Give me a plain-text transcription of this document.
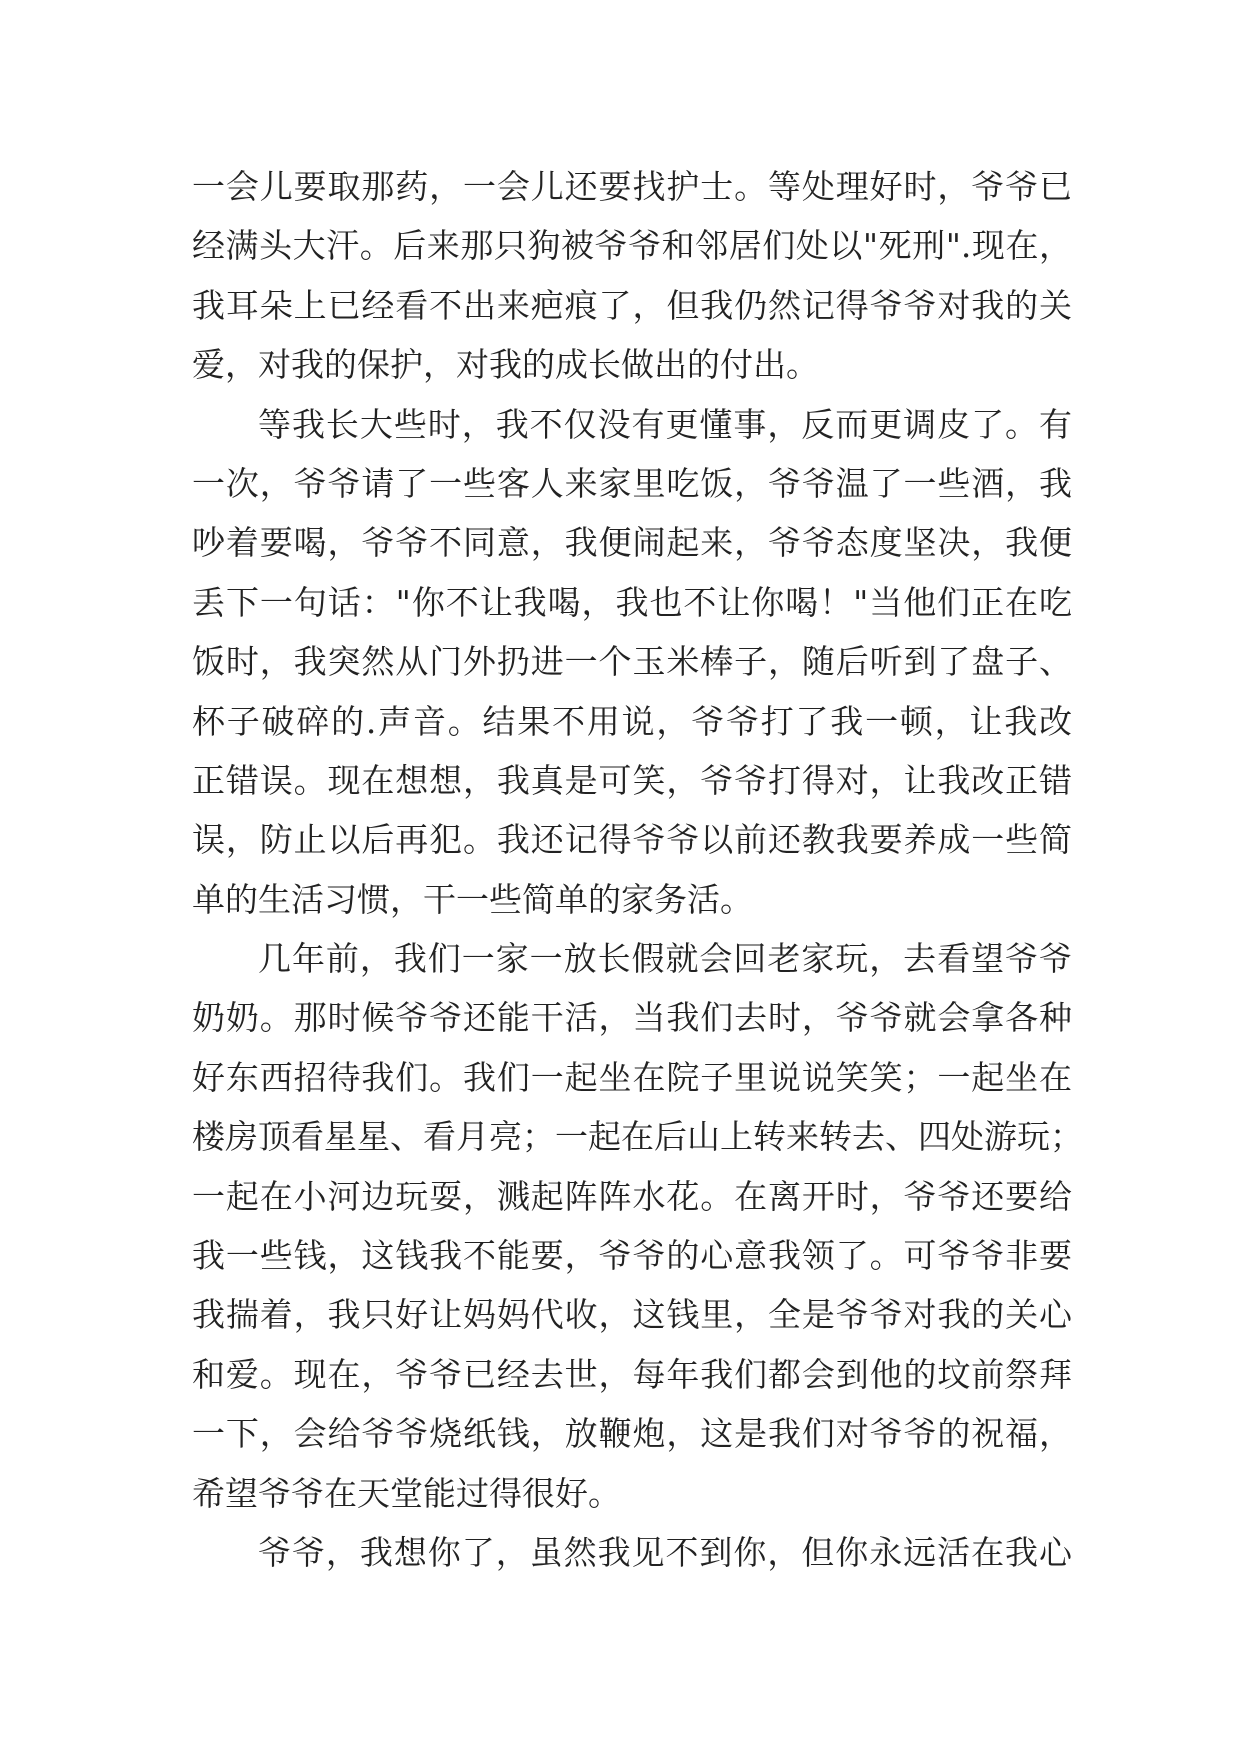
一会儿要取那药，一会儿还要找护士。等处理好时，爷爷已
经满头大汗。后来那只狗被爷爷和邻居们处以"死刑".现在，
我耳朵上已经看不出来疤痕了，但我仍然记得爷爷对我的关
爱，对我的保护，对我的成长做出的付出。
等我长大些时，我不仅没有更懂事，反而更调皮了。有
一次，爷爷请了一些客人来家里吃饭，爷爷温了一些酒，我
吵着要喝，爷爷不同意，我便闹起来，爷爷态度坚决，我便
丢下一句话："你不让我喝，我也不让你喝！"当他们正在吃
饭时，我突然从门外扔进一个玉米棒子，随后听到了盘子、
杯子破碎的.声音。结果不用说，爷爷打了我一顿，让我改
正错误。现在想想，我真是可笑，爷爷打得对，让我改正错
误，防止以后再犯。我还记得爷爷以前还教我要养成一些简
单的生活习惯，干一些简单的家务活。
几年前，我们一家一放长假就会回老家玩，去看望爷爷
奶奶。那时候爷爷还能干活，当我们去时，爷爷就会拿各种
好东西招待我们。我们一起坐在院子里说说笑笑；一起坐在
楼房顶看星星、看月亮；一起在后山上转来转去、四处游玩；
一起在小河边玩耍，溅起阵阵水花。在离开时，爷爷还要给
我一些钱，这钱我不能要，爷爷的心意我领了。可爷爷非要
我揣着，我只好让妈妈代收，这钱里，全是爷爷对我的关心
和爱。现在，爷爷已经去世，每年我们都会到他的坟前祭拜
一下，会给爷爷烧纸钱，放鞭炮，这是我们对爷爷的祝福，
希望爷爷在天堂能过得很好。
爷爷，我想你了，虽然我见不到你，但你永远活在我心
